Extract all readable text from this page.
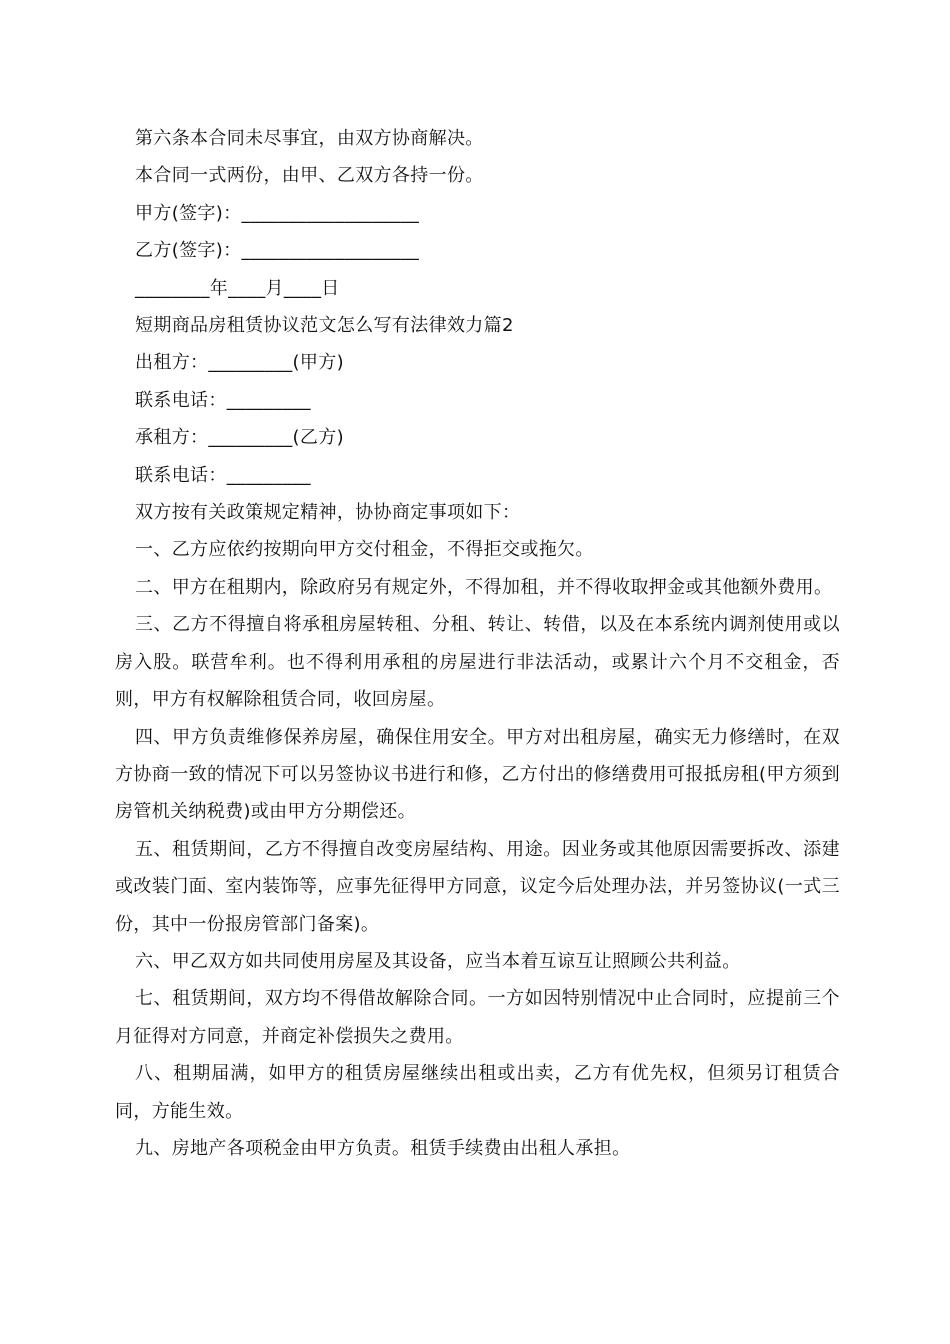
第六条本合同未尽事宜，由双方协商解决。

本合同一式两份，由甲、乙双方各持一份。

甲方(签字)：___________________

乙方(签字)：___________________

________年____月____日

短期商品房租赁协议范文怎么写有法律效力篇2

出租方：_________(甲方)

联系电话：_________

承租方：_________(乙方)

联系电话：_________

双方按有关政策规定精神，协协商定事项如下：

一、乙方应依约按期向甲方交付租金，不得拒交或拖欠。

二、甲方在租期内，除政府另有规定外，不得加租，并不得收取押金或其他额外费用。

三、乙方不得擅自将承租房屋转租、分租、转让、转借，以及在本系统内调剂使用或以房入股。联营牟利。也不得利用承租的房屋进行非法活动，或累计六个月不交租金，否则，甲方有权解除租赁合同，收回房屋。

四、甲方负责维修保养房屋，确保住用安全。甲方对出租房屋，确实无力修缮时，在双方协商一致的情况下可以另签协议书进行和修，乙方付出的修缮费用可报抵房租(甲方须到房管机关纳税费)或由甲方分期偿还。

五、租赁期间，乙方不得擅自改变房屋结构、用途。因业务或其他原因需要拆改、添建或改装门面、室内装饰等，应事先征得甲方同意，议定今后处理办法，并另签协议(一式三份，其中一份报房管部门备案)。

六、甲乙双方如共同使用房屋及其设备，应当本着互谅互让照顾公共利益。

七、租赁期间，双方均不得借故解除合同。一方如因特别情况中止合同时，应提前三个月征得对方同意，并商定补偿损失之费用。

八、租期届满，如甲方的租赁房屋继续出租或出卖，乙方有优先权，但须另订租赁合同，方能生效。

九、房地产各项税金由甲方负责。租赁手续费由出租人承担。
